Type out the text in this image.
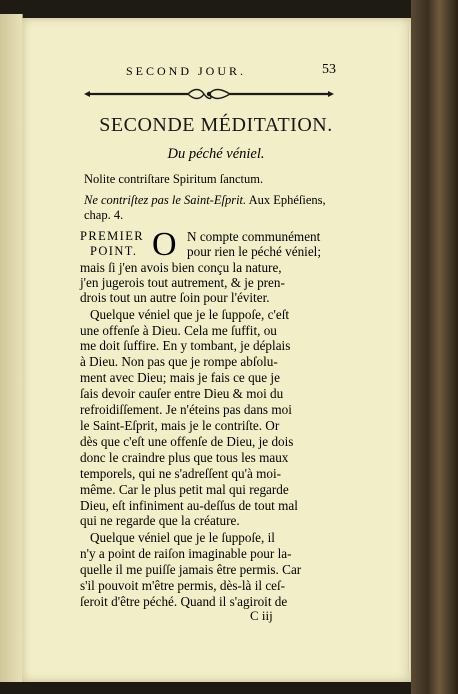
SECOND JOUR.	53
SECONDE MÉDITATION.
Du péché véniel.
Nolite contriſtare Spiritum ſanctum.
Ne contriſtez pas le Saint-Eſprit. Aux Ephéſiens, chap. 4.
PREMIER
POINT. O N compte communément
pour rien le péché véniel;
mais ſi j'en avois bien conçu la nature,
j'en jugerois tout autrement, & je pren-
drois tout un autre ſoin pour l'éviter.
Quelque véniel que je le ſuppoſe, c'eſt
une offenſe à Dieu. Cela me ſuffit, ou
me doit ſuffire. En y tombant, je déplais
à Dieu. Non pas que je rompe abſolu-
ment avec Dieu; mais je fais ce que je
ſais devoir cauſer entre Dieu & moi du
refroidiſſement. Je n'éteins pas dans moi
le Saint-Eſprit, mais je le contriſte. Or
dès que c'eſt une offenſe de Dieu, je dois
donc le craindre plus que tous les maux
temporels, qui ne s'adreſſent qu'à moi-
même. Car le plus petit mal qui regarde
Dieu, eſt infiniment au-deſſus de tout mal
qui ne regarde que la créature.
Quelque véniel que je le ſuppoſe, il
n'y a point de raiſon imaginable pour la-
quelle il me puiſſe jamais être permis. Car
s'il pouvoit m'être permis, dès-là il ceſ-
ſeroit d'être péché. Quand il s'agiroit de
C iij
